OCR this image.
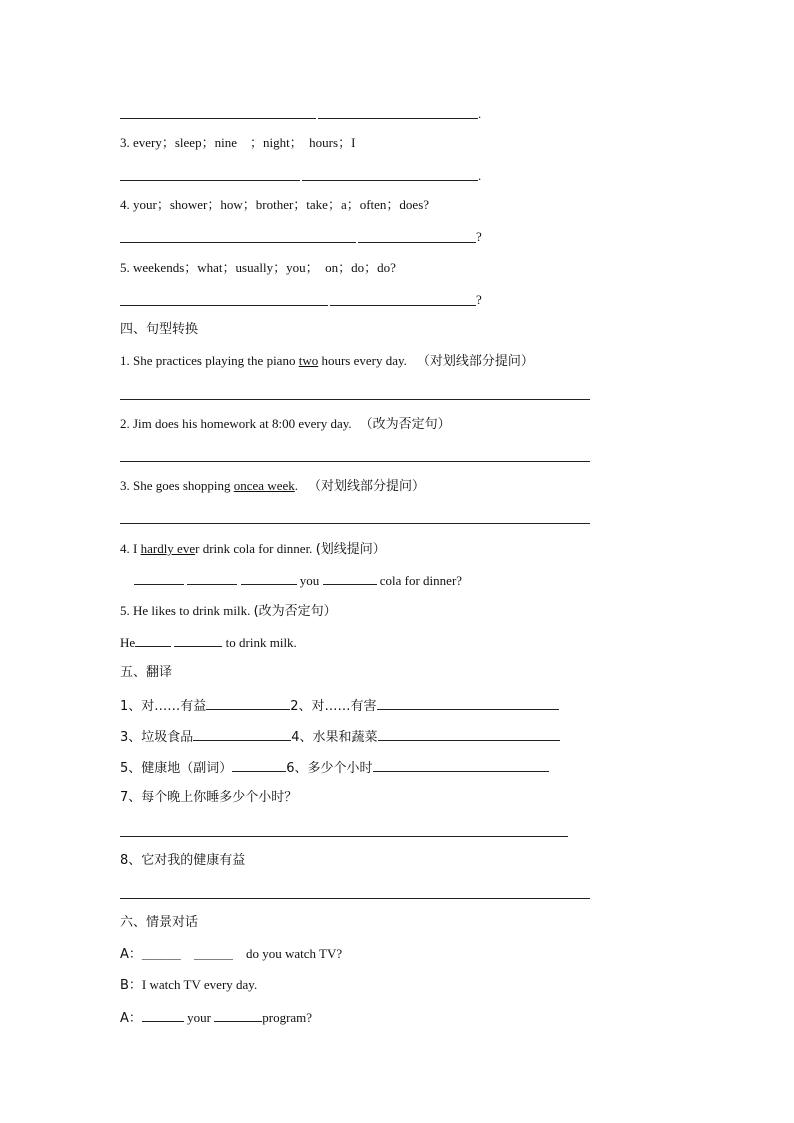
.
3. every；sleep；nine　；night；　hours；I
.
4. your；shower；how；brother；take；a；often；does?
?
5. weekends；what；usually；you；　on；do；do?
?
四、句型转换
1. She practices playing the piano two hours every day. （对划线部分提问）
2. Jim does his homework at 8:00 every day. （改为否定句）
3. She goes shopping oncea week. （对划线部分提问）
4. I hardly ever drink cola for dinner. (划线提问）
you	cola for dinner?
5. He likes to drink milk. (改为否定句）
He	to drink milk.
五、翻译
1、对……有益	2、对……有害
3、垃圾食品	4、水果和蔬菜
5、健康地（副词）	6、多少个小时
7、每个晚上你睡多少个小时？
8、它对我的健康有益
六、情景对话
A：＿＿＿　 ＿＿＿　 do you watch TV?
B：I watch TV every day.
A：	your	program?
